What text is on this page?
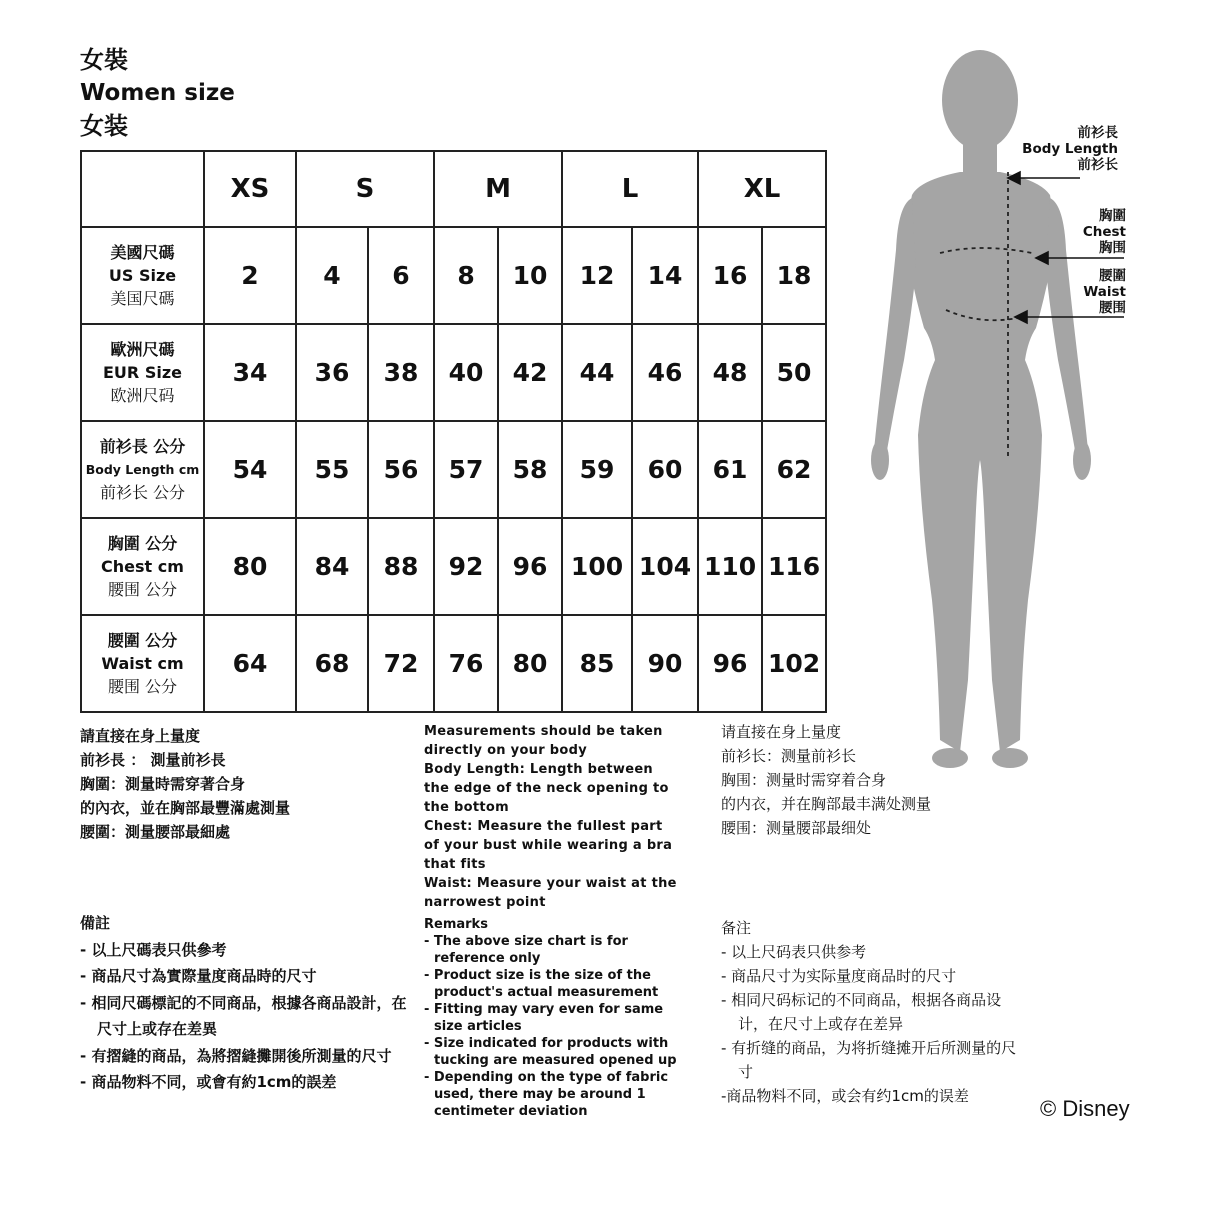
女裝
Women size
女装
	XS	S		M		L		XL	

美國尺碼
US Size
美国尺碼	2	4	6	8	10	12	14	16	18

歐洲尺碼
EUR Size
欧洲尺码	34	36	38	40	42	44	46	48	50

前衫長 公分
Body Length cm
前衫长 公分	54	55	56	57	58	59	60	61	62

胸圍 公分
Chest cm
腰围 公分	80	84	88	92	96	100	104	110	116

腰圍 公分
Waist cm
腰围 公分	64	68	72	76	80	85	90	96	102

請直接在身上量度

前衫長 ： 測量前衫長

胸圍：測量時需穿著合身

的內衣，並在胸部最豐滿處測量

腰圍：測量腰部最細處

Measurements should be taken

directly on your body

Body Length: Length between

the edge of the neck opening to

the bottom

Chest: Measure the fullest part

of your bust while wearing a bra

that fits

Waist: Measure your waist at the

narrowest point

请直接在身上量度

前衫长：测量前衫长

胸围：测量时需穿着合身

的内衣，并在胸部最丰满处测量

腰围：测量腰部最细处

備註

- 以上尺碼表只供參考

- 商品尺寸為實際量度商品時的尺寸

- 相同尺碼標記的不同商品，根據各商品設計，在尺寸上或存在差異

- 有摺縫的商品，為將摺縫攤開後所測量的尺寸

- 商品物料不同，或會有約1cm的誤差

Remarks

- The above size chart is for reference only

- Product size is the size of the product's actual measurement

- Fitting may vary even for same size articles

- Size indicated for products with tucking are measured opened up

- Depending on the type of fabric used, there may be around 1 centimeter deviation

备注

- 以上尺码表只供参考

- 商品尺寸为实际量度商品时的尺寸

- 相同尺码标记的不同商品，根据各商品设计，在尺寸上或存在差异

- 有折缝的商品，为将折缝摊开后所测量的尺寸

-商品物料不同，或会有约1cm的误差

前衫長
Body Length
前衫长
胸圍
Chest
胸围
腰圍
Waist
腰围
© Disney
